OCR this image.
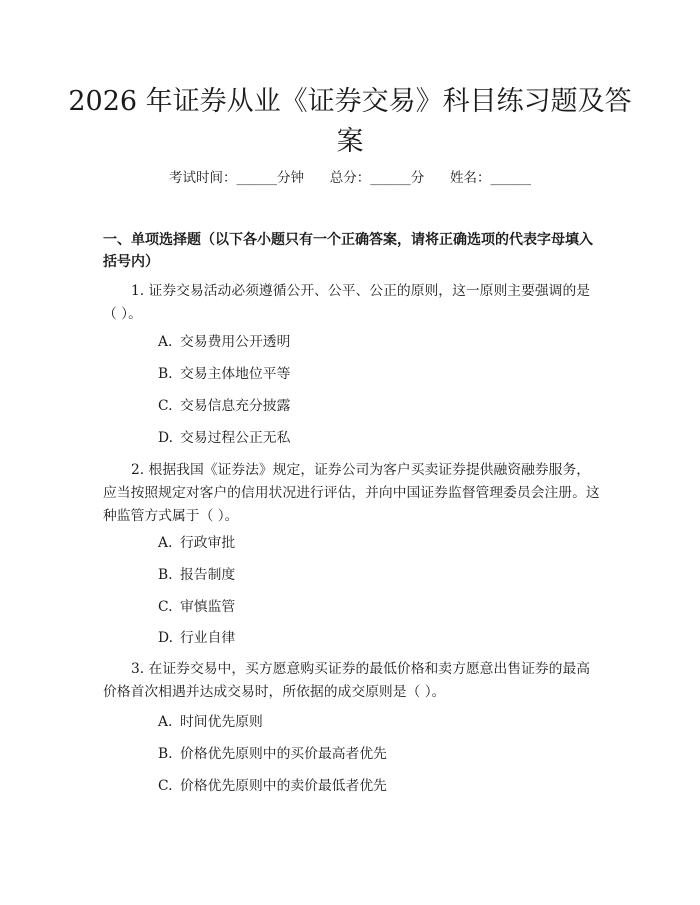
2026 年证券从业《证券交易》科目练习题及答案
考试时间：______分钟      总分：______分      姓名：______
一、单项选择题（以下各小题只有一个正确答案，请将正确选项的代表字母填入括号内）
1. 证券交易活动必须遵循公开、公平、公正的原则，这一原则主要强调的是（ ）。
A. 交易费用公开透明
B. 交易主体地位平等
C. 交易信息充分披露
D. 交易过程公正无私
2. 根据我国《证券法》规定，证券公司为客户买卖证券提供融资融券服务，应当按照规定对客户的信用状况进行评估，并向中国证券监督管理委员会注册。这种监管方式属于（ ）。
A. 行政审批
B. 报告制度
C. 审慎监管
D. 行业自律
3. 在证券交易中，买方愿意购买证券的最低价格和卖方愿意出售证券的最高价格首次相遇并达成交易时，所依据的成交原则是（ ）。
A. 时间优先原则
B. 价格优先原则中的买价最高者优先
C. 价格优先原则中的卖价最低者优先
